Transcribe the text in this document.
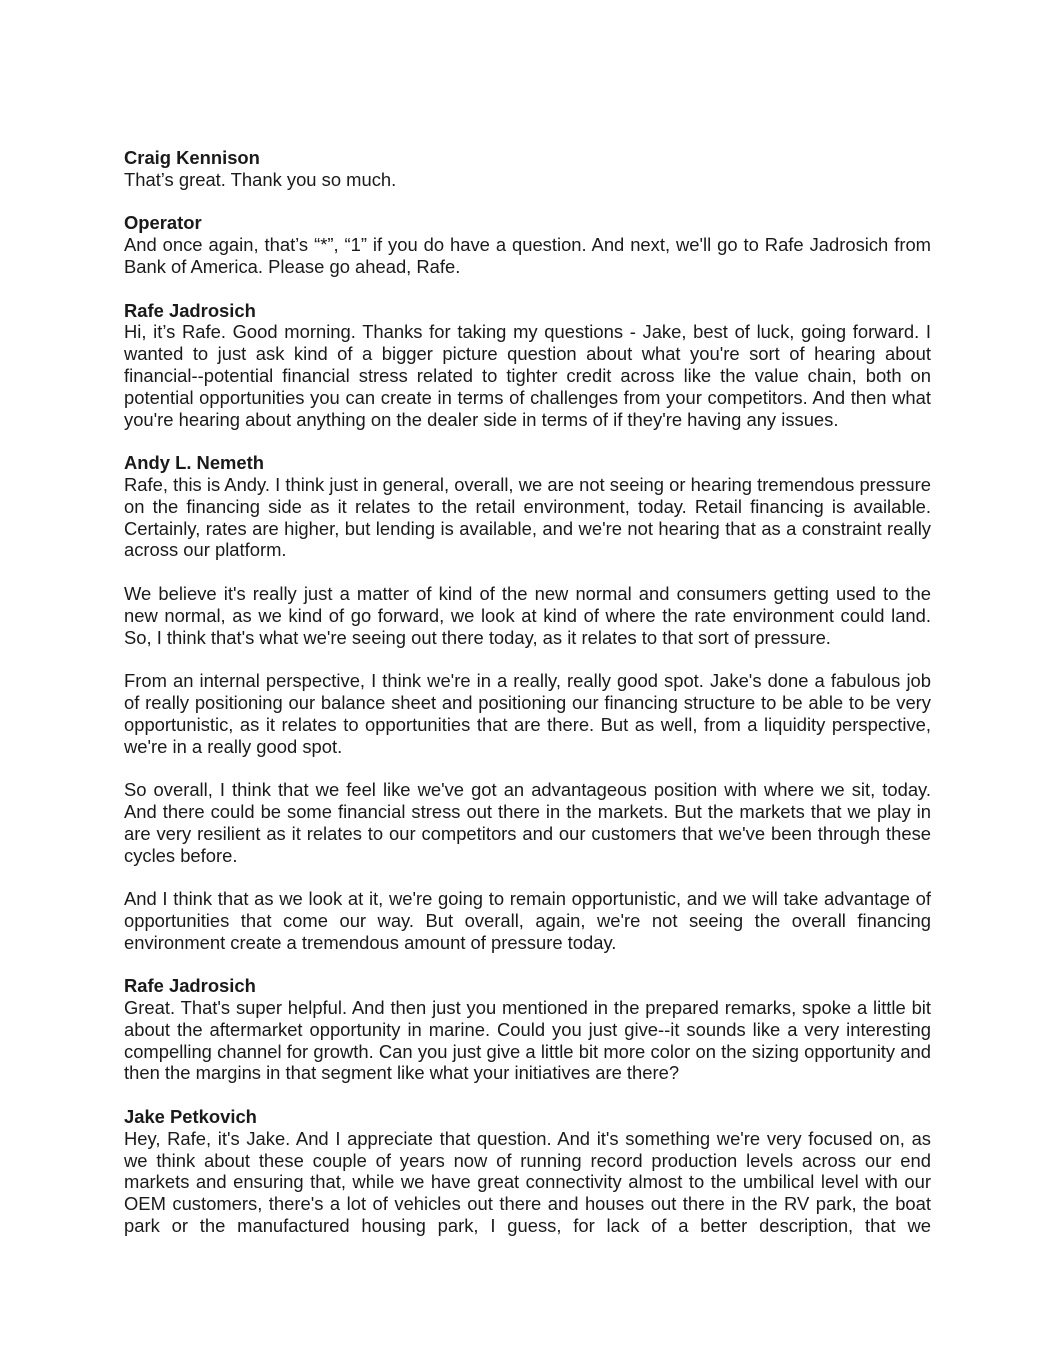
Craig Kennison

That’s great. Thank you so much.

Operator

And once again, that’s “*”, “1” if you do have a question. And next, we'll go to Rafe Jadrosich from Bank of America. Please go ahead, Rafe.

Rafe Jadrosich

Hi, it’s Rafe. Good morning. Thanks for taking my questions - Jake, best of luck, going forward. I wanted to just ask kind of a bigger picture question about what you're sort of hearing about financial--potential financial stress related to tighter credit across like the value chain, both on potential opportunities you can create in terms of challenges from your competitors. And then what you're hearing about anything on the dealer side in terms of if they're having any issues.

Andy L. Nemeth

Rafe, this is Andy. I think just in general, overall, we are not seeing or hearing tremendous pressure on the financing side as it relates to the retail environment, today. Retail financing is available. Certainly, rates are higher, but lending is available, and we're not hearing that as a constraint really across our platform.

We believe it's really just a matter of kind of the new normal and consumers getting used to the new normal, as we kind of go forward, we look at kind of where the rate environment could land. So, I think that's what we're seeing out there today, as it relates to that sort of pressure.

From an internal perspective, I think we're in a really, really good spot. Jake's done a fabulous job of really positioning our balance sheet and positioning our financing structure to be able to be very opportunistic, as it relates to opportunities that are there. But as well, from a liquidity perspective, we're in a really good spot.

So overall, I think that we feel like we've got an advantageous position with where we sit, today. And there could be some financial stress out there in the markets. But the markets that we play in are very resilient as it relates to our competitors and our customers that we've been through these cycles before.

And I think that as we look at it, we're going to remain opportunistic, and we will take advantage of opportunities that come our way. But overall, again, we're not seeing the overall financing environment create a tremendous amount of pressure today.

Rafe Jadrosich

Great. That's super helpful. And then just you mentioned in the prepared remarks, spoke a little bit about the aftermarket opportunity in marine. Could you just give--it sounds like a very interesting compelling channel for growth. Can you just give a little bit more color on the sizing opportunity and then the margins in that segment like what your initiatives are there?

Jake Petkovich

Hey, Rafe, it's Jake. And I appreciate that question. And it's something we're very focused on, as we think about these couple of years now of running record production levels across our end markets and ensuring that, while we have great connectivity almost to the umbilical level with our OEM customers, there's a lot of vehicles out there and houses out there in the RV park, the boat park or the manufactured housing park, I guess, for lack of a better description, that we
